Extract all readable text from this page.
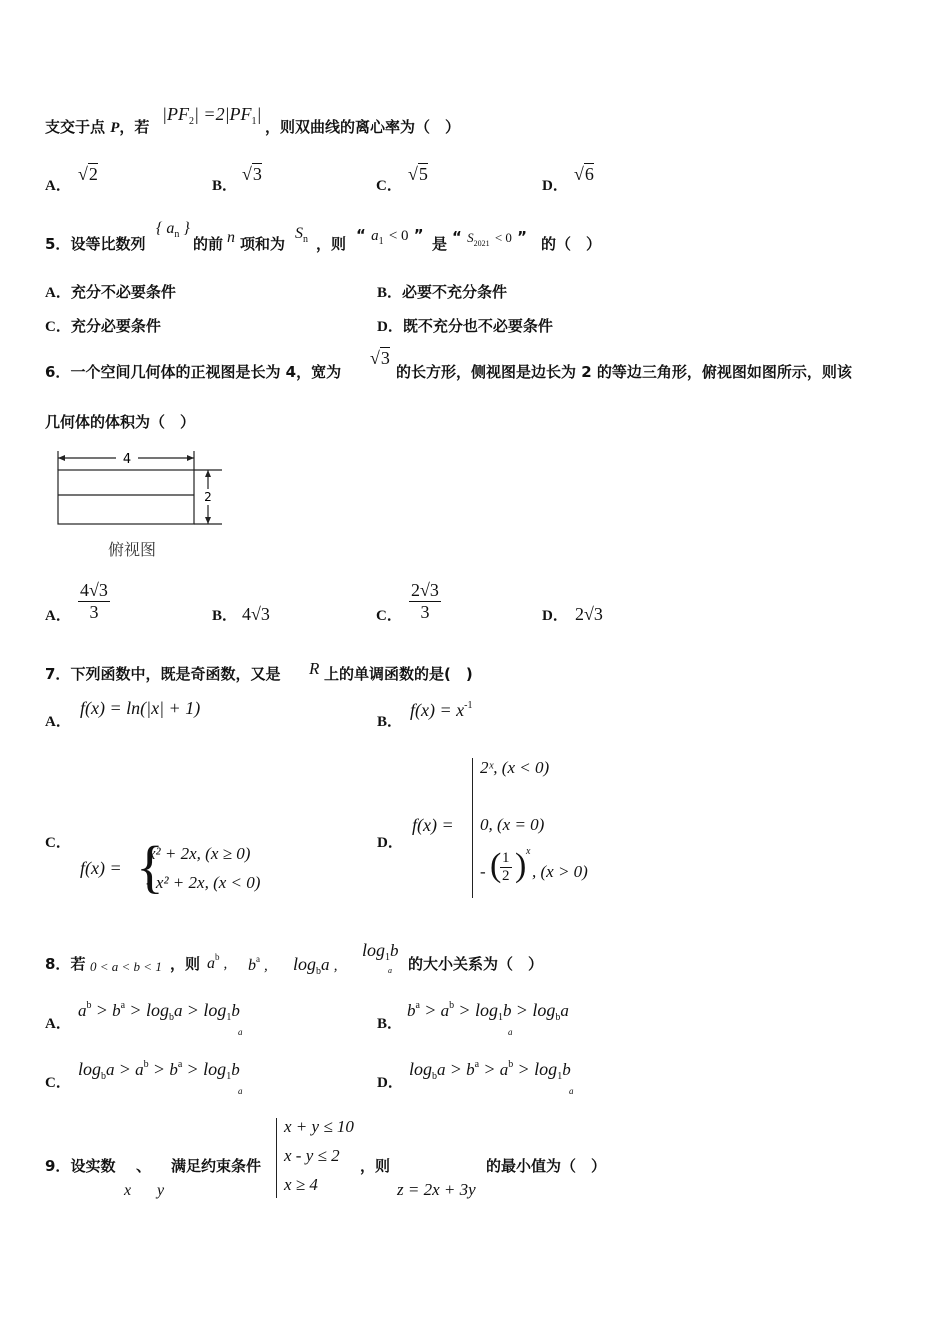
支交于点 P，若
$|PF_2| =2|PF_1|$
，则双曲线的离心率为（　）
A．
√2
B．
√3
C．
√5
D．
√6
5．设等比数列
{ $a_n$ }
的前 n 项和为
$S_n$ ，则 “ $a_1 < 0$ ” 是 “ $S_{2021} < 0$ ” 的（　）
A．充分不必要条件	B．必要不充分条件
C．充分必要条件	D．既不充分也不必要条件
6．一个空间几何体的正视图是长为 4，宽为
√3
的长方形，侧视图是边长为 2 的等边三角形，俯视图如图所示，则该
几何体的体积为（　）
4
2
俯视图
A． $\frac{4√3}{3}$	B． 4√3	C． $\frac{2√3}{3}$	D． 2√3
7．下列函数中，既是奇函数，又是 R 上的单调函数的是(　)
A．
f(x) = ln(|x| + 1)
B．
$f(x) = x^{-1}$
C．
f(x) = {
x² + 2x, (x ≥ 0)
- x² + 2x, (x < 0)
D．
f(x) =
2ˣ, (x < 0)
0, (x = 0)
- (
$\frac{1}{2}$ ) x
, (x > 0)
8．若 0 < a < b < 1 ，则 $a^b$ , $b^a$ , $\log_ba$ ,
$\log_1b$
a 的大小关系为（　）
A．
$a^b > b^a > \log_ba > \log_1b$
a	B．
$b^a > a^b > \log_1b > \log_ba$
a
C．
$\log_ba > a^b > b^a > \log_1b$
a	D．
$\log_ba > b^a > a^b > \log_1b$
a
9．设实数
x
、
y
满足约束条件
x + y ≤ 10
x - y ≤ 2
x ≥ 4
，则
z = 2x + 3y
的最小值为（　）
